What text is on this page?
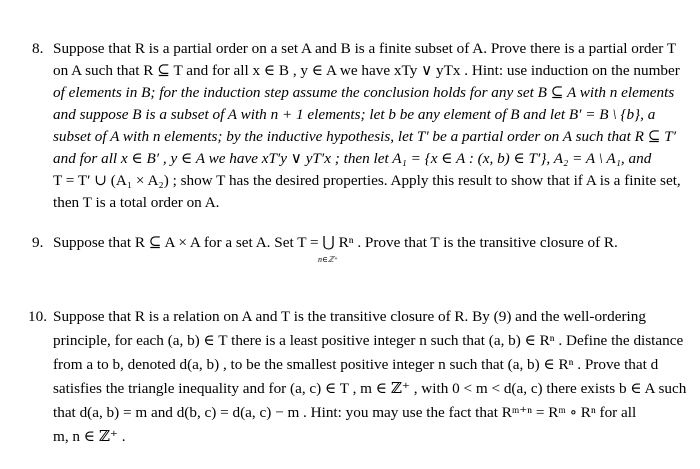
8. Suppose that R is a partial order on a set A and B is a finite subset of A. Prove there is a partial order T
on A such that R ⊆ T and for all x ∈ B , y ∈ A we have xTy ∨ yTx . Hint: use induction on the number
of elements in B; for the induction step assume the conclusion holds for any set B ⊆ A with n elements
and suppose B is a subset of A with n + 1 elements; let b be any element of B and let B′ = B \ {b}, a
subset of A with n elements; by the inductive hypothesis, let T′ be a partial order on A such that R ⊆ T′
and for all x ∈ B′ , y ∈ A we have xT′y ∨ yT′x ; then let A₁ = {x ∈ A : (x, b) ∈ T′}, A₂ = A \ A₁, and
T = T′ ∪ (A₁ × A₂) ; show T has the desired properties. Apply this result to show that if A is a finite set,
then T is a total order on A.
9. Suppose that R ⊆ A × A for a set A. Set T = ⋃ Rⁿ . Prove that T is the transitive closure of R.
n∈ℤ⁺
10. Suppose that R is a relation on A and T is the transitive closure of R. By (9) and the well-ordering
principle, for each (a, b) ∈ T there is a least positive integer n such that (a, b) ∈ Rⁿ . Define the distance
from a to b, denoted d(a, b) , to be the smallest positive integer n such that (a, b) ∈ Rⁿ . Prove that d
satisfies the triangle inequality and for (a, c) ∈ T , m ∈ ℤ⁺ , with 0 < m < d(a, c) there exists b ∈ A such
that d(a, b) = m and d(b, c) = d(a, c) − m . Hint: you may use the fact that Rᵐ⁺ⁿ = Rᵐ ∘ Rⁿ for all
m, n ∈ ℤ⁺ .
